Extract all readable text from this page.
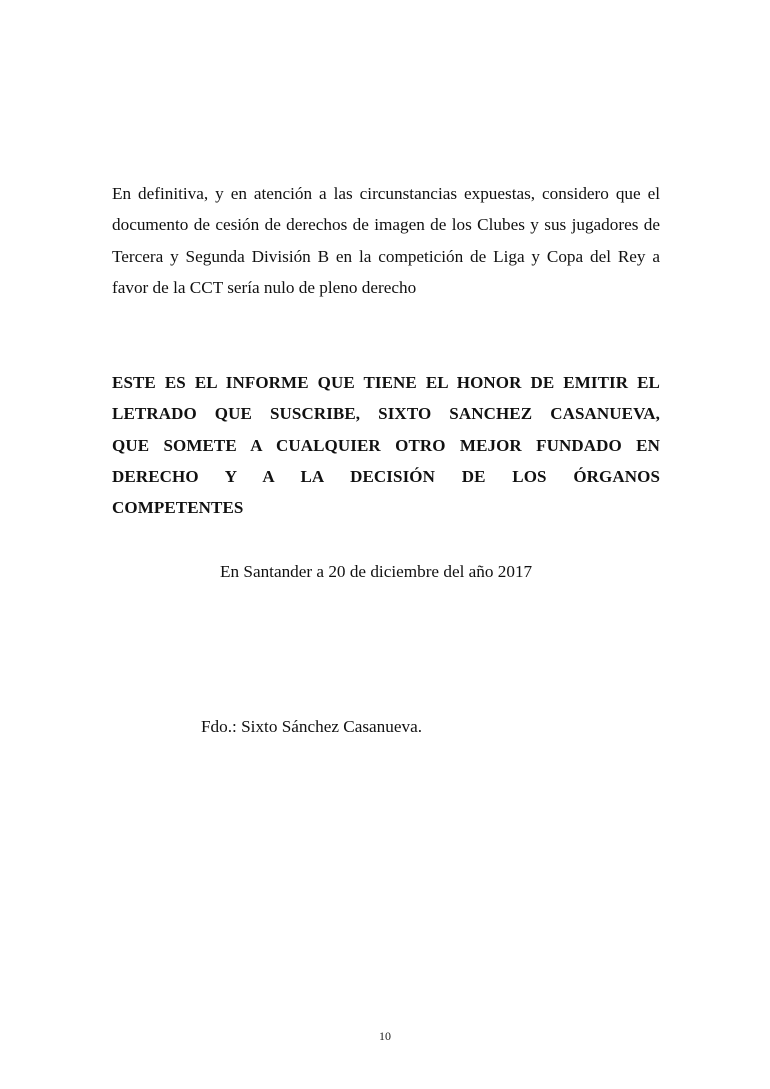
En definitiva, y en atención a las circunstancias expuestas, considero que el
documento de cesión de derechos de imagen de los Clubes y sus jugadores de
Tercera y Segunda División B en la competición de Liga y Copa del Rey a
favor de la CCT sería nulo de pleno derecho

ESTE ES EL INFORME QUE TIENE EL HONOR DE EMITIR EL
LETRADO QUE SUSCRIBE, SIXTO SANCHEZ CASANUEVA,
QUE SOMETE A CUALQUIER OTRO MEJOR FUNDADO EN
DERECHO Y A LA DECISIÓN DE LOS ÓRGANOS
COMPETENTES

En Santander a 20 de diciembre del año 2017

Fdo.: Sixto Sánchez Casanueva.

10
